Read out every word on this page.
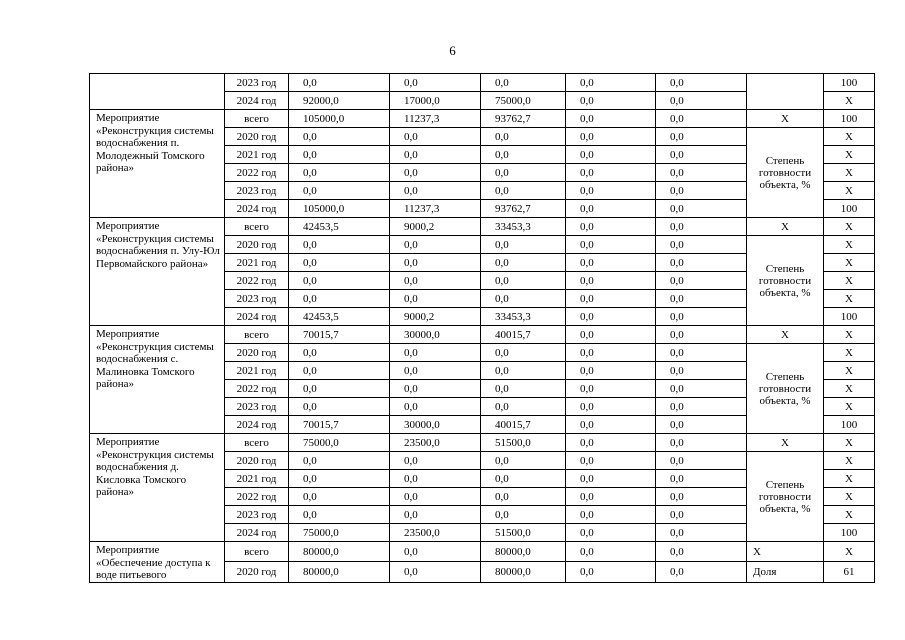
6
	2023 год	0,0	0,0	0,0	0,0	0,0		100
	2024 год	92000,0	17000,0	75000,0	0,0	0,0		Х
Мероприятие «Реконструкция системы водоснабжения п. Молодежный Томского района»	всего	105000,0	11237,3	93762,7	0,0	0,0	Х	100
	2020 год	0,0	0,0	0,0	0,0	0,0	Степень готовности объекта, %	Х
	2021 год	0,0	0,0	0,0	0,0	0,0		Х
	2022 год	0,0	0,0	0,0	0,0	0,0		Х
	2023 год	0,0	0,0	0,0	0,0	0,0		Х
	2024 год	105000,0	11237,3	93762,7	0,0	0,0		100
Мероприятие «Реконструкция системы водоснабжения п. Улу-Юл Первомайского района»	всего	42453,5	9000,2	33453,3	0,0	0,0	Х	Х
	2020 год	0,0	0,0	0,0	0,0	0,0	Степень готовности объекта, %	Х
	2021 год	0,0	0,0	0,0	0,0	0,0		Х
	2022 год	0,0	0,0	0,0	0,0	0,0		Х
	2023 год	0,0	0,0	0,0	0,0	0,0		Х
	2024 год	42453,5	9000,2	33453,3	0,0	0,0		100
Мероприятие «Реконструкция системы водоснабжения с. Малиновка Томского района»	всего	70015,7	30000,0	40015,7	0,0	0,0	Х	Х
	2020 год	0,0	0,0	0,0	0,0	0,0	Степень готовности объекта, %	Х
	2021 год	0,0	0,0	0,0	0,0	0,0		Х
	2022 год	0,0	0,0	0,0	0,0	0,0		Х
	2023 год	0,0	0,0	0,0	0,0	0,0		Х
	2024 год	70015,7	30000,0	40015,7	0,0	0,0		100
Мероприятие «Реконструкция системы водоснабжения д. Кисловка Томского района»	всего	75000,0	23500,0	51500,0	0,0	0,0	Х	Х
	2020 год	0,0	0,0	0,0	0,0	0,0	Степень готовности объекта, %	Х
	2021 год	0,0	0,0	0,0	0,0	0,0		Х
	2022 год	0,0	0,0	0,0	0,0	0,0		Х
	2023 год	0,0	0,0	0,0	0,0	0,0		Х
	2024 год	75000,0	23500,0	51500,0	0,0	0,0		100
Мероприятие «Обеспечение доступа к воде питьевого	всего	80000,0	0,0	80000,0	0,0	0,0	Х	Х
	2020 год	80000,0	0,0	80000,0	0,0	0,0	Доля	61
